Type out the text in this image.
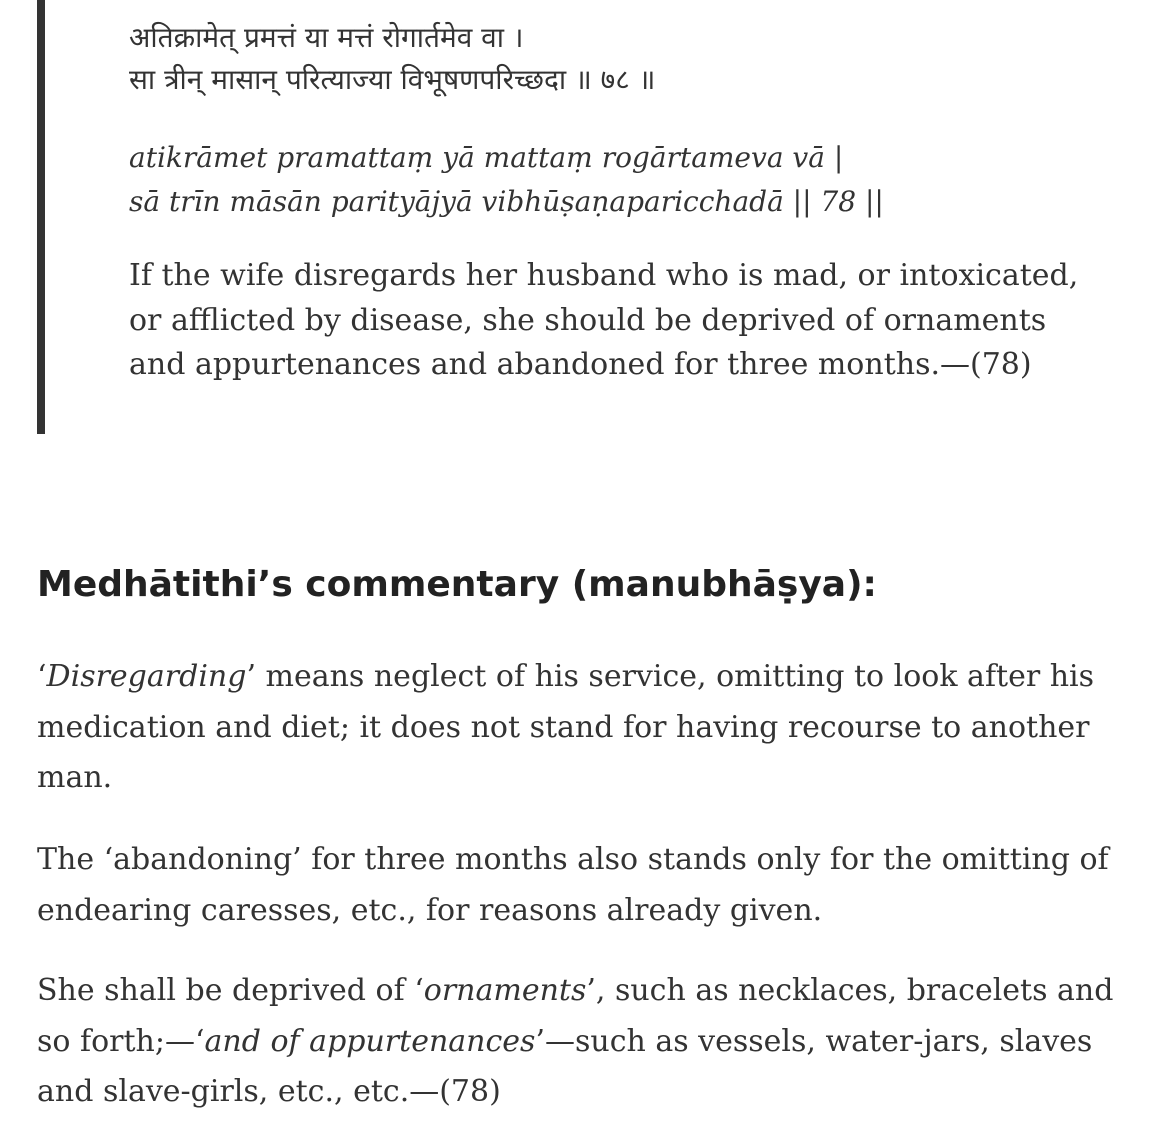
अतिक्रामेत् प्रमत्तं या मत्तं रोगार्तमेव वा ।
सा त्रीन् मासान् परित्याज्या विभूषणपरिच्छदा ॥ ७८ ॥
atikrāmet pramattaṃ yā mattaṃ rogārtameva vā |
sā trīn māsān parityājyā vibhūṣaṇaparicchadā || 78 ||
If the wife disregards her husband who is mad, or intoxicated, or afflicted by disease, she should be deprived of ornaments and appurtenances and abandoned for three months.—(78)
Medhātithi’s commentary (manubhāṣya):

‘Disregarding’ means neglect of his service, omitting to look after his medication and diet; it does not stand for having recourse to another man.

The ‘abandoning’ for three months also stands only for the omitting of endearing caresses, etc., for reasons already given.

She shall be deprived of ‘ornaments’, such as necklaces, bracelets and so forth;—‘and of appurtenances’—such as vessels, water-jars, slaves and slave-girls, etc., etc.—(78)
